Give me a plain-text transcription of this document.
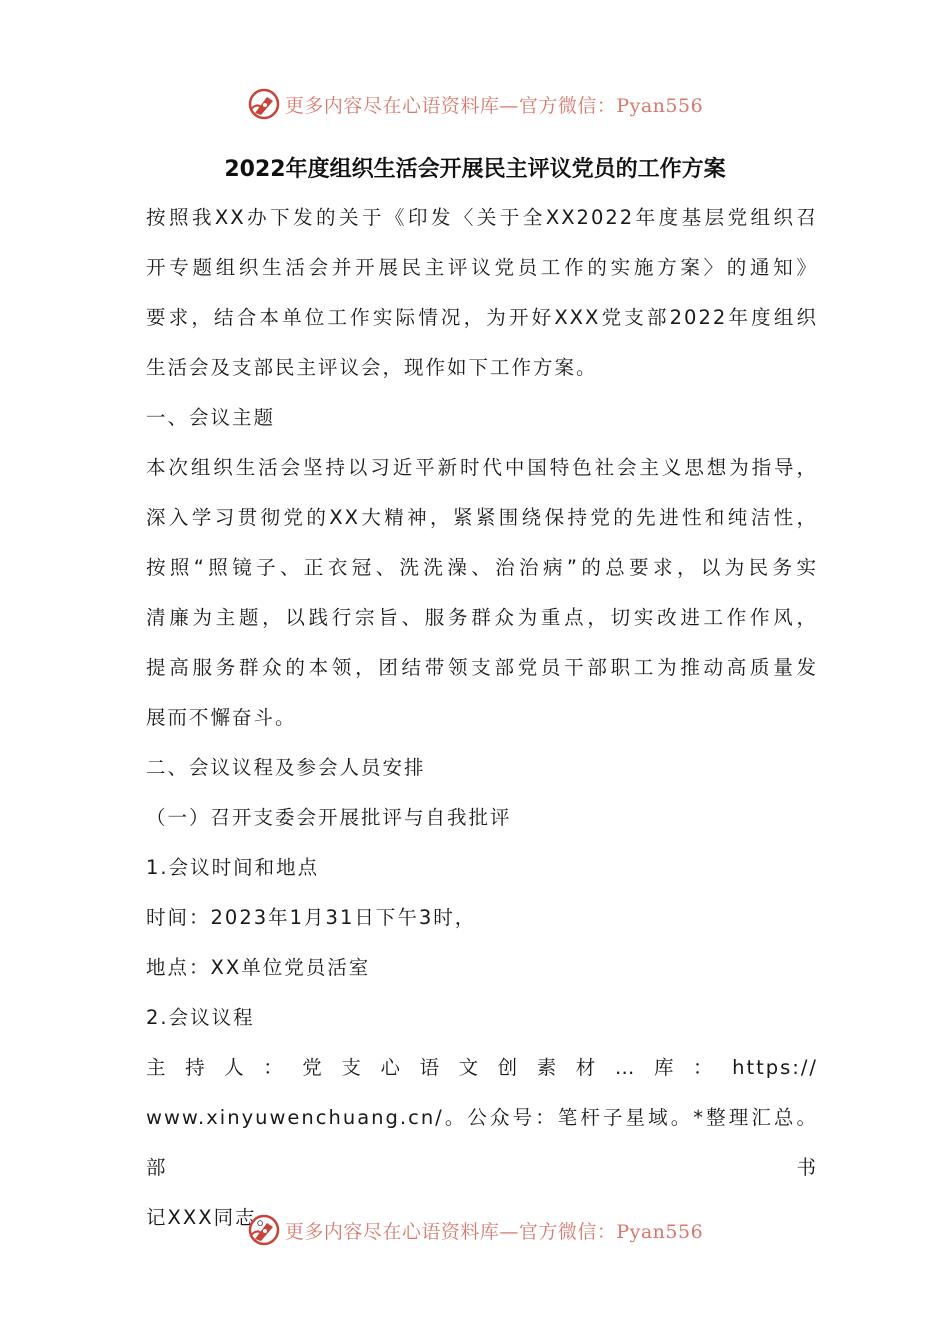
更多内容尽在心语资料库—官方微信：Pyan556
2022年度组织生活会开展民主评议党员的工作方案

按照我XX办下发的关于《印发〈关于全XX2022年度基层党组织召
开专题组织生活会并开展民主评议党员工作的实施方案〉的通知》
要求，结合本单位工作实际情况，为开好XXX党支部2022年度组织
生活会及支部民主评议会，现作如下工作方案。

一、会议主题

本次组织生活会坚持以习近平新时代中国特色社会主义思想为指导，
深入学习贯彻党的XX大精神，紧紧围绕保持党的先进性和纯洁性，
按照“照镜子、正衣冠、洗洗澡、治治病”的总要求，以为民务实
清廉为主题，以践行宗旨、服务群众为重点，切实改进工作作风，
提高服务群众的本领，团结带领支部党员干部职工为推动高质量发
展而不懈奋斗。

二、会议议程及参会人员安排

（一）召开支委会开展批评与自我批评

1.会议时间和地点

时间：2023年1月31日下午3时，

地点：XX单位党员活室

2.会议议程

主持人：党支心语文创素材…库：https://
www.xinyuwenchuang.cn/。公众号：笔杆子星域。*整理汇总。部书
记XXX同志。

更多内容尽在心语资料库—官方微信：Pyan556
